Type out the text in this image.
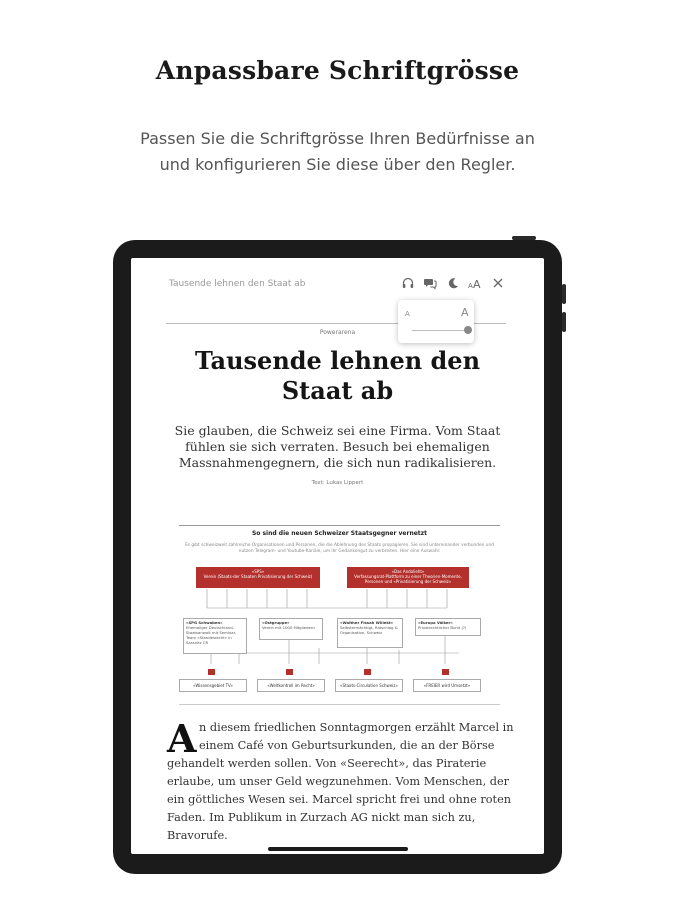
Anpassbare Schriftgrösse
Passen Sie die Schriftgrösse Ihren Bedürfnisse an
und konfigurieren Sie diese über den Regler.
Tausende lehnen den Staat ab	A A
A	A
Powerarena
Tausende lehnen den Staat ab
Sie glauben, die Schweiz sei eine Firma. Vom Staat fühlen sie sich verraten. Besuch bei ehemaligen Massnahmengegnern, die sich nun radikalisieren.
Text: Lukas Lippert
So sind die neuen Schweizer Staatsgegner vernetzt
Es gibt schweizweit zahlreiche Organisationen und Personen, die die Ablehnung des Staats propagieren. Sie sind untereinander verbunden und nutzen Telegram- und Youtube-Kanäle, um ihr Gedankengut zu verbreiten. Hier eine Auswahl:
«SPS»
Verein (Staats-der Staaten Privatisierung der Schweiz)
«Das Andolieht»
Verfassungsrat-Plattform zu einer Theorien-Momente, Personen und «Privatisierung der Schweiz»
«SPG Schwaben»
Ehemaliger Deutschland-Staatsanwalt mit Seminar-Team «Standesrecht» in Sassnitz CR
«Ostgruppe»
Verein mit 1000 Mitgliedern
«Walther Fissah Willekt»
Selbstermächtigt, Ratschlag & Organisation, Schweiz
«Europa Völker»
Privatrechtlicher Bund (?)
«Wissensgebiet TV»	«Weltkontroll im Recht»	«Staats-Circulation Schweiz»	«FREIER wird Umsetzt»
A n diesem friedlichen Sonntagmorgen erzählt Marcel in
einem Café von Geburtsurkunden, die an der Börse
gehandelt werden sollen. Von «Seerecht», das Piraterie
erlaube, um unser Geld wegzunehmen. Vom Menschen, der
ein göttliches Wesen sei. Marcel spricht frei und ohne roten
Faden. Im Publikum in Zurzach AG nickt man sich zu,
Bravorufe.
